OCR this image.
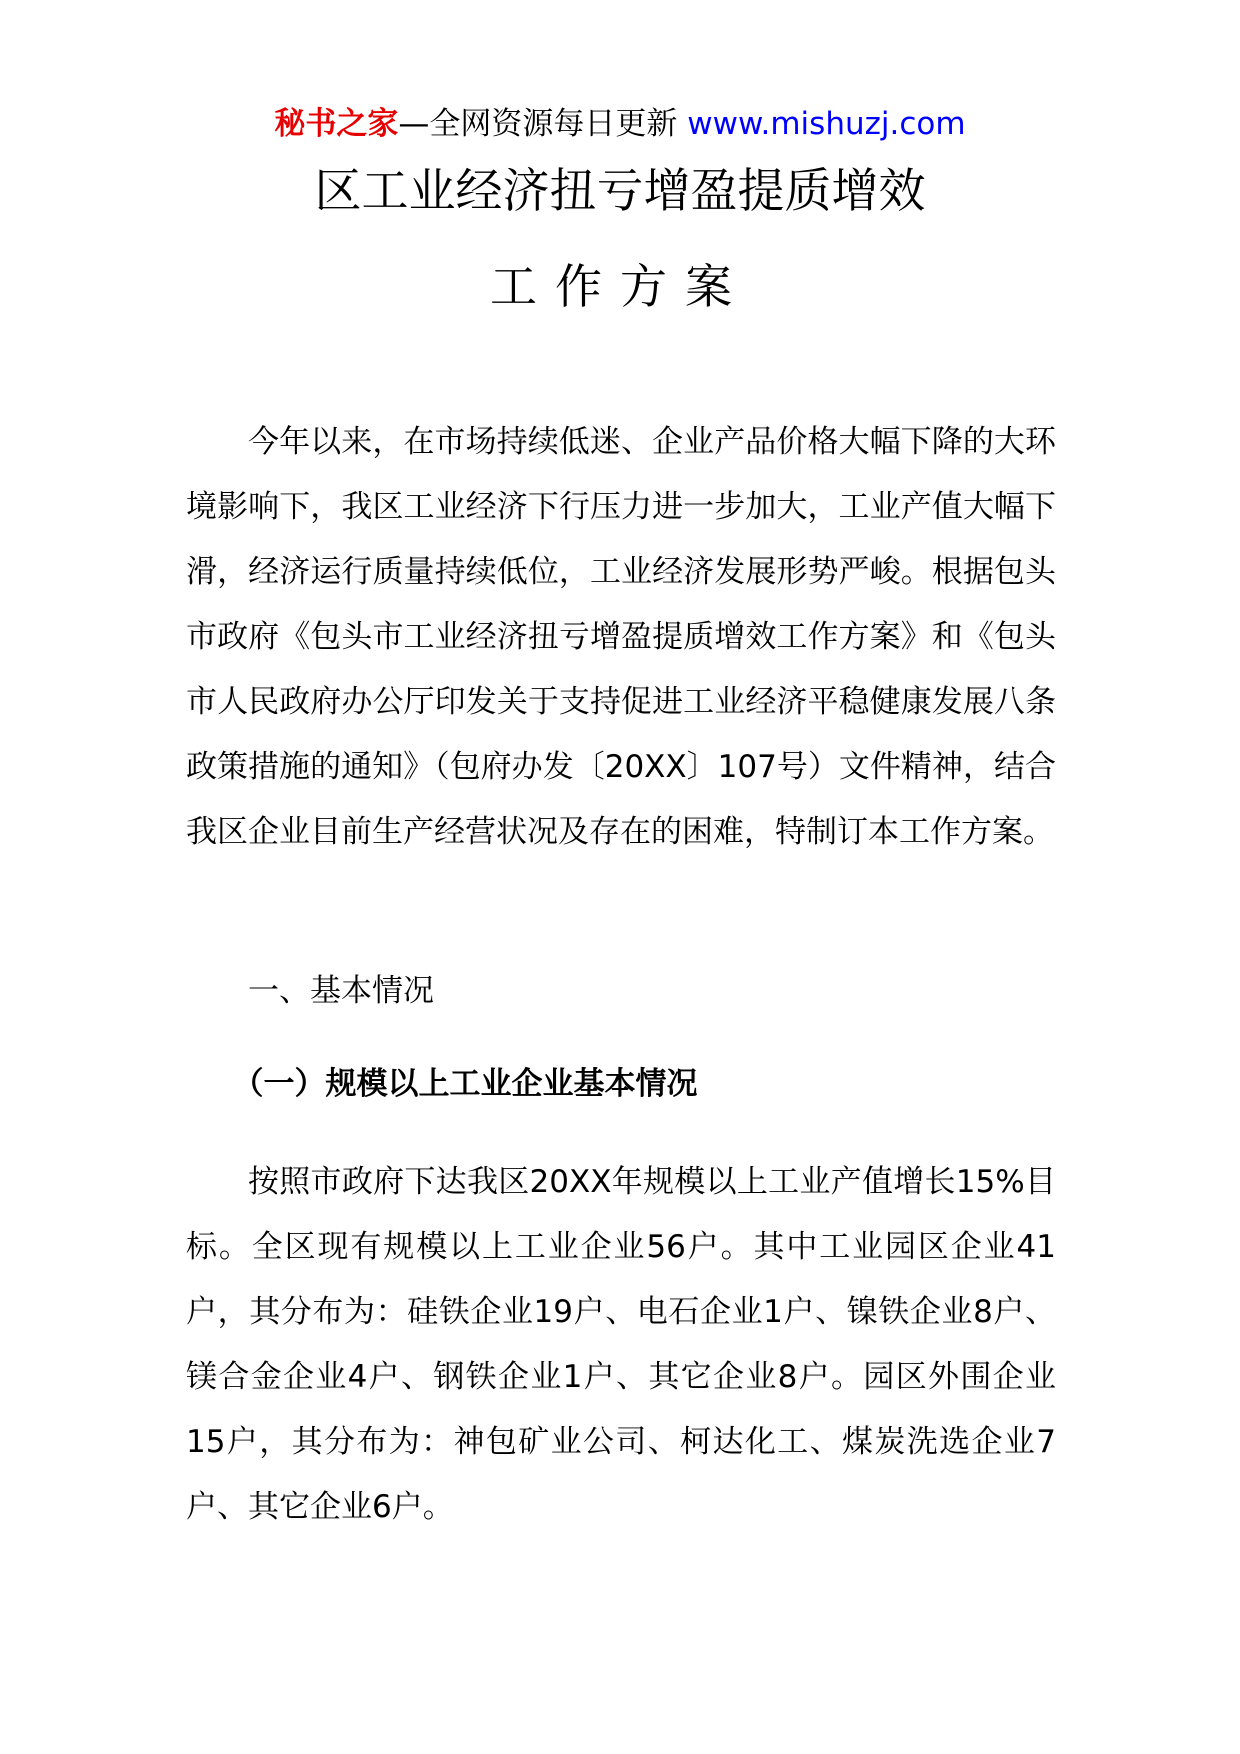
秘书之家—全网资源每日更新 www.mishuzj.com
区工业经济扭亏增盈提质增效
工作方案

今年以来，在市场持续低迷、企业产品价格大幅下降的大环境影响下，我区工业经济下行压力进一步加大，工业产值大幅下滑，经济运行质量持续低位，工业经济发展形势严峻。根据包头市政府《包头市工业经济扭亏增盈提质增效工作方案》和《包头市人民政府办公厅印发关于支持促进工业经济平稳健康发展八条政策措施的通知》（包府办发〔20XX〕107号）文件精神，结合我区企业目前生产经营状况及存在的困难，特制订本工作方案。

一、基本情况

（一）规模以上工业企业基本情况

按照市政府下达我区20XX年规模以上工业产值增长15%目标。全区现有规模以上工业企业56户。其中工业园区企业41户，其分布为：硅铁企业19户、电石企业1户、镍铁企业8户、镁合金企业4户、钢铁企业1户、其它企业8户。园区外围企业15户，其分布为：神包矿业公司、柯达化工、煤炭洗选企业7户、其它企业6户。
